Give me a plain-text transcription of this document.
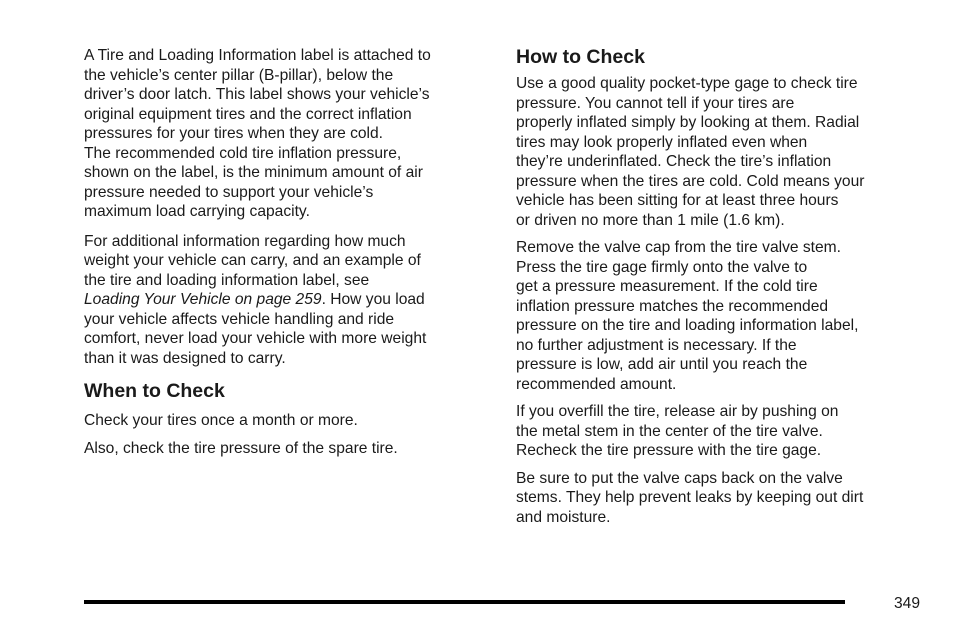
A Tire and Loading Information label is attached to
the vehicle’s center pillar (B-pillar), below the
driver’s door latch. This label shows your vehicle’s
original equipment tires and the correct inflation
pressures for your tires when they are cold.

The recommended cold tire inflation pressure,
shown on the label, is the minimum amount of air
pressure needed to support your vehicle’s
maximum load carrying capacity.

For additional information regarding how much
weight your vehicle can carry, and an example of
the tire and loading information label, see
Loading Your Vehicle on page 259. How you load
your vehicle affects vehicle handling and ride
comfort, never load your vehicle with more weight
than it was designed to carry.

When to Check

Check your tires once a month or more.

Also, check the tire pressure of the spare tire.

How to Check

Use a good quality pocket-type gage to check tire
pressure. You cannot tell if your tires are
properly inflated simply by looking at them. Radial
tires may look properly inflated even when
they’re underinflated. Check the tire’s inflation
pressure when the tires are cold. Cold means your
vehicle has been sitting for at least three hours
or driven no more than 1 mile (1.6 km).

Remove the valve cap from the tire valve stem.
Press the tire gage firmly onto the valve to
get a pressure measurement. If the cold tire
inflation pressure matches the recommended
pressure on the tire and loading information label,
no further adjustment is necessary. If the
pressure is low, add air until you reach the
recommended amount.

If you overfill the tire, release air by pushing on
the metal stem in the center of the tire valve.
Recheck the tire pressure with the tire gage.

Be sure to put the valve caps back on the valve
stems. They help prevent leaks by keeping out dirt
and moisture.

349
